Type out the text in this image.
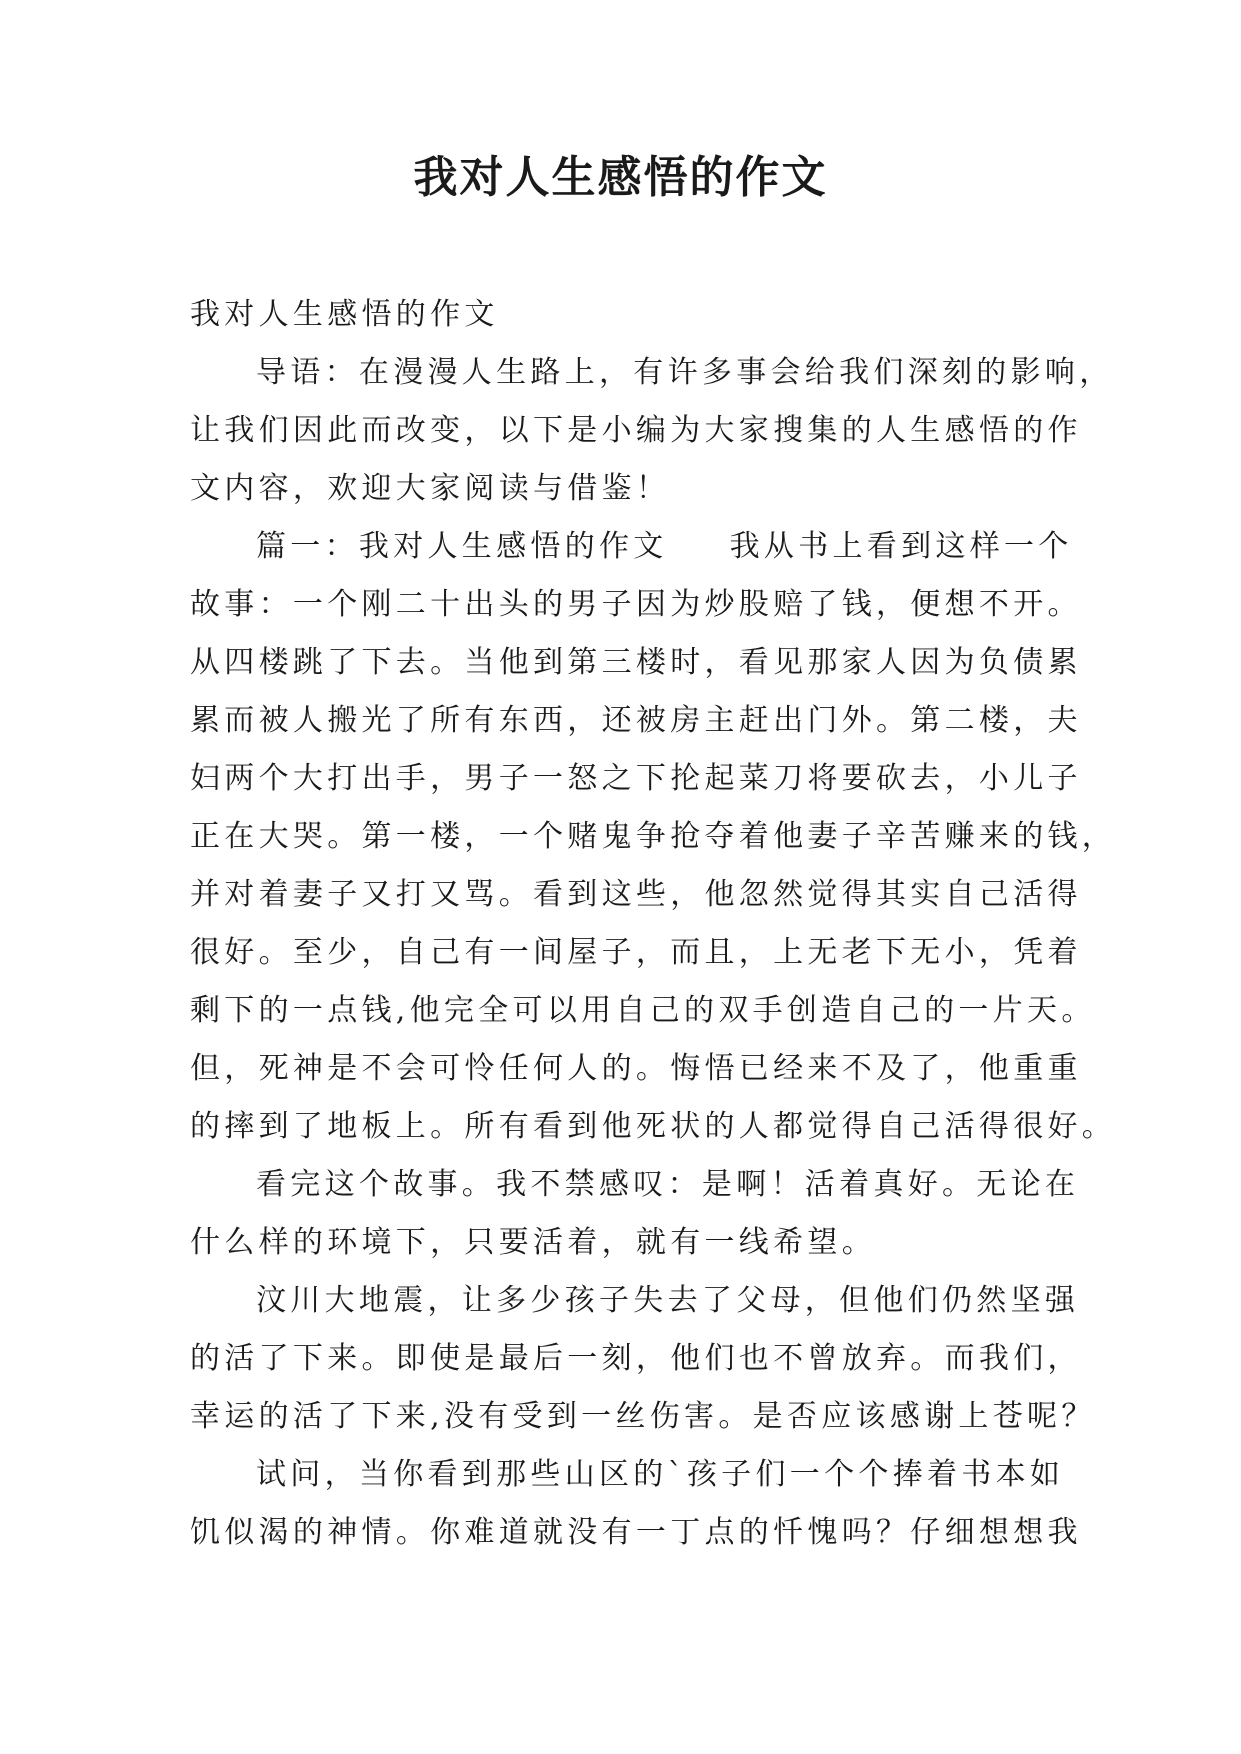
我对人生感悟的作文

我对人生感悟的作文

导语：在漫漫人生路上，有许多事会给我们深刻的影响，

让我们因此而改变，以下是小编为大家搜集的人生感悟的作

文内容，欢迎大家阅读与借鉴！

篇一：我对人生感悟的作文 我从书上看到这样一个

故事：一个刚二十出头的男子因为炒股赔了钱，便想不开。

从四楼跳了下去。当他到第三楼时，看见那家人因为负债累

累而被人搬光了所有东西，还被房主赶出门外。第二楼，夫

妇两个大打出手，男子一怒之下抡起菜刀将要砍去，小儿子

正在大哭。第一楼，一个赌鬼争抢夺着他妻子辛苦赚来的钱，

并对着妻子又打又骂。看到这些，他忽然觉得其实自己活得

很好。至少，自己有一间屋子，而且，上无老下无小，凭着

剩下的一点钱,他完全可以用自己的双手创造自己的一片天。

但，死神是不会可怜任何人的。悔悟已经来不及了，他重重

的摔到了地板上。所有看到他死状的人都觉得自己活得很好。

看完这个故事。我不禁感叹：是啊！活着真好。无论在

什么样的环境下，只要活着，就有一线希望。

汶川大地震，让多少孩子失去了父母，但他们仍然坚强

的活了下来。即使是最后一刻，他们也不曾放弃。而我们，

幸运的活了下来,没有受到一丝伤害。是否应该感谢上苍呢？

试问，当你看到那些山区的`孩子们一个个捧着书本如

饥似渴的神情。你难道就没有一丁点的忏愧吗？仔细想想我
